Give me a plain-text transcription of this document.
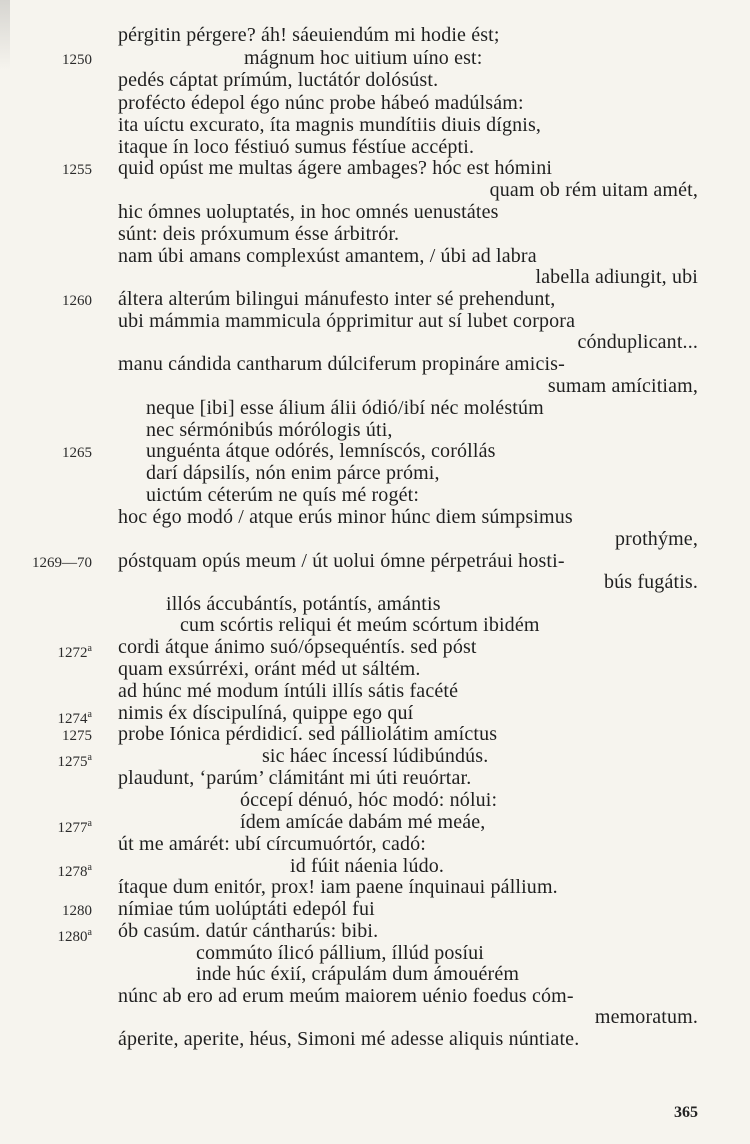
pérgitin pérgere? áh! sáeuiendúm mi hodie ést;
1250	mágnum hoc uitium uíno est:
pedés cáptat prímúm, luctátór dolósúst.
profécto édepol égo núnc probe hábeó madúlsám:
ita uíctu excurato, íta magnis mundítiis diuis dígnis,
itaque ín loco féstiuó sumus féstíue accépti.
1255 quid opúst me multas ágere ambages? hóc est hómini
quam ob rém uitam amét,
hic ómnes uoluptatés, in hoc omnés uenustátes
súnt: deis próxumum ésse árbitrór.
nam úbi amans complexúst amantem, / úbi ad labra
labella adiungit, ubi
1260 áltera alterúm bilingui mánufesto inter sé prehendunt,
ubi mámmia mammicula ópprimitur aut sí lubet corpora
cónduplicant...
manu cándida cantharum dúlciferum propináre amicis-
sumam amícitiam,
neque [ibi] esse álium álii ódió/ibí néc moléstúm
nec sérmónibús mórólogis úti,
1265	unguénta átque odórés, lemníscós, coróllás
darí dápsilís, nón enim párce prómi,
uictúm céterúm ne quís mé rogét:
hoc égo modó / atque erús minor húnc diem súmpsimus
prothýme,
1269—70 póstquam opús meum / út uolui ómne pérpetráui hosti-
bús fugátis.
illós áccubántís, potántís, amántis
cum scórtis reliqui ét meúm scórtum ibidém
1272$^a$ cordi átque ánimo suó/ópsequéntís. sed póst
quam exsúrréxi, oránt méd ut sáltém.
ad húnc mé modum íntúli illís sátis facété
1274$^a$ nimis éx díscipulíná, quippe ego quí
1275 probe Iónica pérdidicí. sed pálliolátim amíctus
1275$^a$	sic háec íncessí lúdibúndús.
plaudunt, ‘parúm’ clámitánt mi úti reuórtar.
óccepí dénuó, hóc modó: nólui:
1277$^a$	ídem amícáe dabám mé meáe,
út me amárét: ubí círcumuórtór, cadó:
1278$^a$	id fúit náenia lúdo.
ítaque dum enitór, prox! iam paene ínquinaui pállium.
1280 nímiae túm uolúptáti edepól fui
1280$^a$ ób casúm. datúr cántharús: bibi.
commúto ílicó pállium, íllúd posíui
inde húc éxií, crápulám dum ámouérém
núnc ab ero ad erum meúm maiorem uénio foedus cóm-
memoratum.
áperite, aperite, héus, Simoni mé adesse aliquis núntiate.
365
